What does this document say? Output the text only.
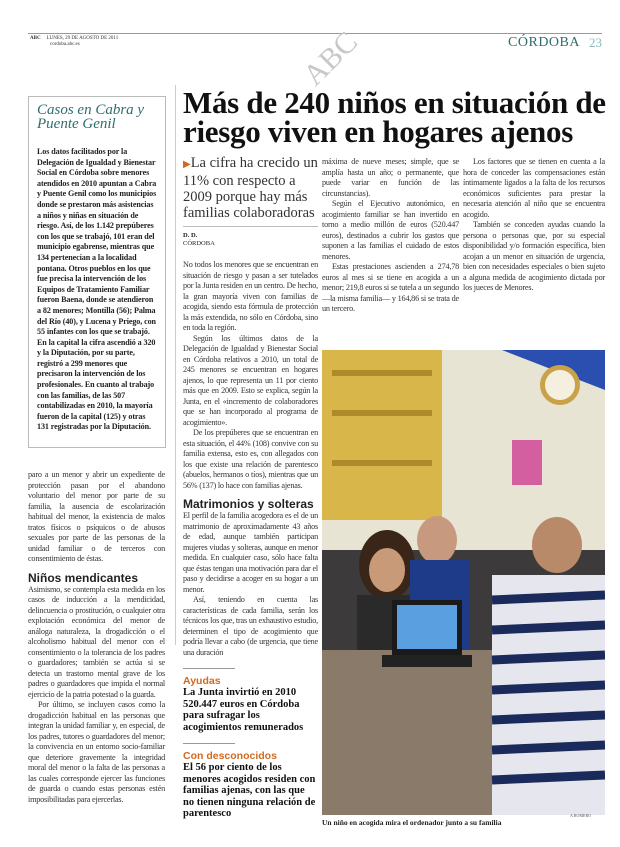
ABC LUNES, 29 DE AGOSTO DE 2011
cordoba.abc.es	CÓRDOBA 23
ABC
Casos en Cabra y Puente Genil
Los datos facilitados por la Delegación de Igualdad y Bienestar Social en Córdoba sobre menores atendidos en 2010 apuntan a Cabra y Puente Genil como los municipios donde se prestaron más asistencias a niños y niñas en situación de riesgo. Así, de los 1.142 prepúberes con los que se trabajó, 101 eran del municipio egabrense, mientras que 134 pertenecían a la localidad pontana. Otros pueblos en los que fue precisa la intervención de los Equipos de Tratamiento Familiar fueron Baena, donde se atendieron a 82 menores; Montilla (56); Palma del Río (40), y Lucena y Priego, con 55 infantes con los que se trabajó. En la capital la cifra ascendió a 320 y la Diputación, por su parte, registró a 299 menores que precisaron la intervención de los profesionales. En cuanto al trabajo con las familias, de las 507 contabilizadas en 2010, la mayoría fueron de la capital (125) y otras 131 registradas por la Diputación.

paro a un menor y abrir un expediente de protección pasan por el abandono voluntario del menor por parte de su familia, la ausencia de escolarización habitual del menor, la existencia de malos tratos físicos o psíquicos o de abusos sexuales por parte de las personas de la unidad familiar o de terceros con consentimiento de éstas.

Niños mendicantes

Asimismo, se contempla esta medida en los casos de inducción a la mendicidad, delincuencia o prostitución, o cualquier otra explotación económica del menor de análoga naturaleza, la drogadicción o el alcoholismo habitual del menor con el consentimiento o la tolerancia de los padres o guardadores; también se actúa si se detecta un trastorno mental grave de los padres o guardadores que impida el normal ejercicio de la patria potestad o la guarda.

Por último, se incluyen casos como la drogadicción habitual en las personas que integran la unidad familiar y, en especial, de los padres, tutores o guardadores del menor; la convivencia en un entorno socio-familiar que deteriore gravemente la integridad moral del menor o la falta de las personas a las cuales corresponde ejercer las funciones de guarda o cuando estas personas estén imposibilitadas para ejercerlas.

Más de 240 niños en situación de riesgo viven en hogares ajenos
▶La cifra ha crecido un 11% con respecto a 2009 porque hay más familias colaboradoras
D. D.
CÓRDOBA

No todos los menores que se encuentran en situación de riesgo y pasan a ser tutelados por la Junta residen en un centro. De hecho, la gran mayoría viven con familias de acogida, siendo esta fórmula de protección la más extendida, no sólo en Córdoba, sino en toda la región.

Según los últimos datos de la Delegación de Igualdad y Bienestar Social en Córdoba relativos a 2010, un total de 245 menores se encuentran en hogares ajenos, lo que representa un 11 por ciento más que en 2009. Esto se explica, según la Junta, en el «incremento de colaboradores que se han incorporado al programa de acogimiento».

De los prepúberes que se encuentran en esta situación, el 44% (108) convive con su familia extensa, esto es, con allegados con los que existe una relación de parentesco (abuelos, hermanos o tíos), mientras que un 56% (137) lo hace con familias ajenas.

Matrimonios y solteras

El perfil de la familia acogedora es el de un matrimonio de aproximadamente 43 años de edad, aunque también participan mujeres viudas y solteras, aunque en menor medida. En cualquier caso, sólo hace falta que éstas tengan una motivación para dar el paso y decidirse a acoger en su hogar a un menor.

Así, teniendo en cuenta las características de cada familia, serán los técnicos los que, tras un exhaustivo estudio, determinen el tipo de acogimiento que podría llevar a cabo (de urgencia, que tiene una duración

Ayudas
La Junta invirtió en 2010 520.447 euros en Córdoba para sufragar los acogimientos remunerados
Con desconocidos
El 56 por ciento de los menores acogidos residen con familias ajenas, con las que no tienen ninguna relación de parentesco

máxima de nueve meses; simple, que se amplía hasta un año; o permanente, que puede variar en función de las circunstancias).

Según el Ejecutivo autonómico, en acogimiento familiar se han invertido en torno a medio millón de euros (520.447 euros), destinados a cubrir los gastos que suponen a las familias el cuidado de estos menores.

Estas prestaciones ascienden a 274,78 euros al mes si se tiene en acogida a un menor; 219,8 euros si se tutela a un segundo —la misma familia— y 164,86 si se trata de un tercero.

Los factores que se tienen en cuenta a la hora de conceder las compensaciones están íntimamente ligados a la falta de los recursos económicos suficientes para prestar la necesaria atención al niño que se encuentra acogido.

También se conceden ayudas cuando la persona o personas que, por su especial disponibilidad y/o formación específica, bien acojan a un menor en situación de urgencia, bien con necesidades especiales o bien sujeto a alguna medida de acogimiento dictada por los jueces de Menores.

A.ROMERO
Un niño en acogida mira el ordenador junto a su familia
